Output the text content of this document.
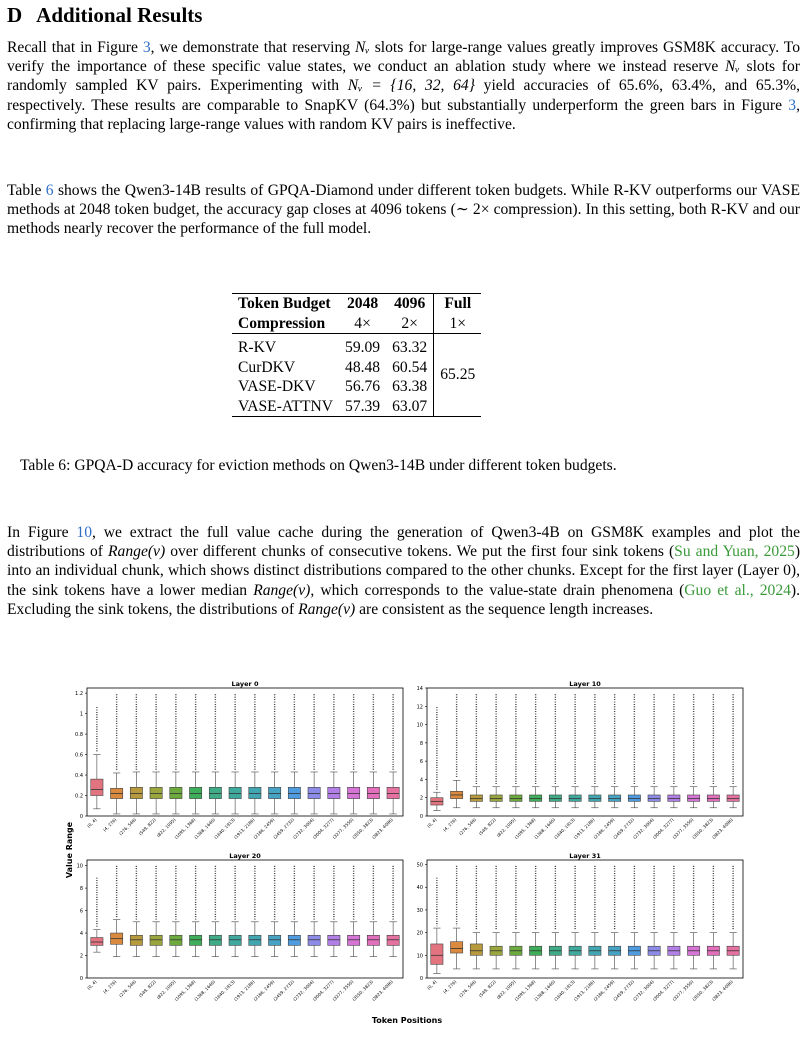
D Additional Results
Recall that in Figure 3, we demonstrate that reserving Nᵥ slots for large-range values greatly improves GSM8K accuracy. To verify the importance of these specific value states, we conduct an ablation study where we instead reserve Nᵥ slots for randomly sampled KV pairs. Experimenting with Nᵥ = {16, 32, 64} yield accuracies of 65.6%, 63.4%, and 65.3%, respectively. These results are comparable to SnapKV (64.3%) but substantially underperform the green bars in Figure 3, confirming that replacing large-range values with random KV pairs is ineffective.
Table 6 shows the Qwen3-14B results of GPQA-Diamond under different token budgets. While R-KV outperforms our VASE methods at 2048 token budget, the accuracy gap closes at 4096 tokens (∼ 2× compression). In this setting, both R-KV and our methods nearly recover the performance of the full model.
Token Budget	2048	4096	Full
Compression	4×	2×	1×
R-KV	59.09	63.32	65.25
CurDKV	48.48	60.54	
VASE-DKV	56.76	63.38	
VASE-ATTNV	57.39	63.07	
Table 6: GPQA-D accuracy for eviction methods on Qwen3-14B under different token budgets.
In Figure 10, we extract the full value cache during the generation of Qwen3-4B on GSM8K examples and plot the distributions of Range(v) over different chunks of consecutive tokens. We put the first four sink tokens (Su and Yuan, 2025) into an individual chunk, which shows distinct distributions compared to the other chunks. Except for the first layer (Layer 0), the sink tokens have a lower median Range(v), which corresponds to the value-state drain phenomena (Guo et al., 2024). Excluding the sink tokens, the distributions of Range(v) are consistent as the sequence length increases.
Value Range
Token Positions
Layer 0
0
0.2
0.4
0.6
0.8
1
1.2
(0, 4) (4, 276) (276, 549) (549, 822)
(822, 1095)
(1095, 1368)
(1368, 1640)
(1640, 1913)
(1913, 2186)
(2186, 2459)
(2459, 2732)
(2732, 3004)
(3004, 3277)
(3277, 3550)
(3550, 3823)
(3823, 4096)
Layer 10
0
2
4
6
8
10
12
14
(0, 4) (4, 276) (276, 549) (549, 822)
(822, 1095)
(1095, 1368)
(1368, 1640)
(1640, 1913)
(1913, 2186)
(2186, 2459)
(2459, 2732)
(2732, 3004)
(3004, 3277)
(3277, 3550)
(3550, 3823)
(3823, 4096)
Layer 20
0
2
4
6
8
10
(0, 4) (4, 276) (276, 549) (549, 822)
(822, 1095)
(1095, 1368)
(1368, 1640)
(1640, 1913)
(1913, 2186)
(2186, 2459)
(2459, 2732)
(2732, 3004)
(3004, 3277)
(3277, 3550)
(3550, 3823)
(3823, 4096)
Layer 31
0
10
20
30
40
50
(0, 4) (4, 276) (276, 549) (549, 822)
(822, 1095)
(1095, 1368)
(1368, 1640)
(1640, 1913)
(1913, 2186)
(2186, 2459)
(2459, 2732)
(2732, 3004)
(3004, 3277)
(3277, 3550)
(3550, 3823)
(3823, 4096)
